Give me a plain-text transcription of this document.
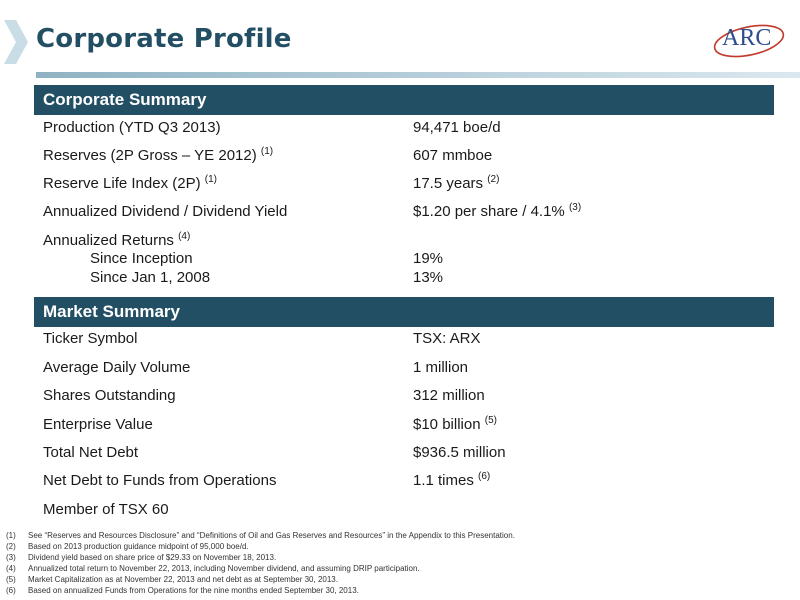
Corporate Profile	ARC
Corporate Summary
Production (YTD Q3 2013)	94,471 boe/d
Reserves (2P Gross – YE 2012) $^{(1)}$	607 mmboe
Reserve Life Index (2P) $^{(1)}$	17.5 years $^{(2)}$
Annualized Dividend / Dividend Yield	$1.20 per share / 4.1% $^{(3)}$
Annualized Returns $^{(4)}$
Since Inception	19%
Since Jan 1, 2008	13%
Market Summary
Ticker Symbol	TSX: ARX
Average Daily Volume	1 million
Shares Outstanding	312 million
Enterprise Value	$10 billion $^{(5)}$
Total Net Debt	$936.5 million
Net Debt to Funds from Operations	1.1 times $^{(6)}$
Member of TSX 60
(1) See “Reserves and Resources Disclosure” and “Definitions of Oil and Gas Reserves and Resources” in the Appendix to this Presentation.
(2) Based on 2013 production guidance midpoint of 95,000 boe/d.
(3) Dividend yield based on share price of $29.33 on November 18, 2013.
(4) Annualized total return to November 22, 2013, including November dividend, and assuming DRIP participation.
(5) Market Capitalization as at November 22, 2013 and net debt as at September 30, 2013.
(6) Based on annualized Funds from Operations for the nine months ended September 30, 2013.
